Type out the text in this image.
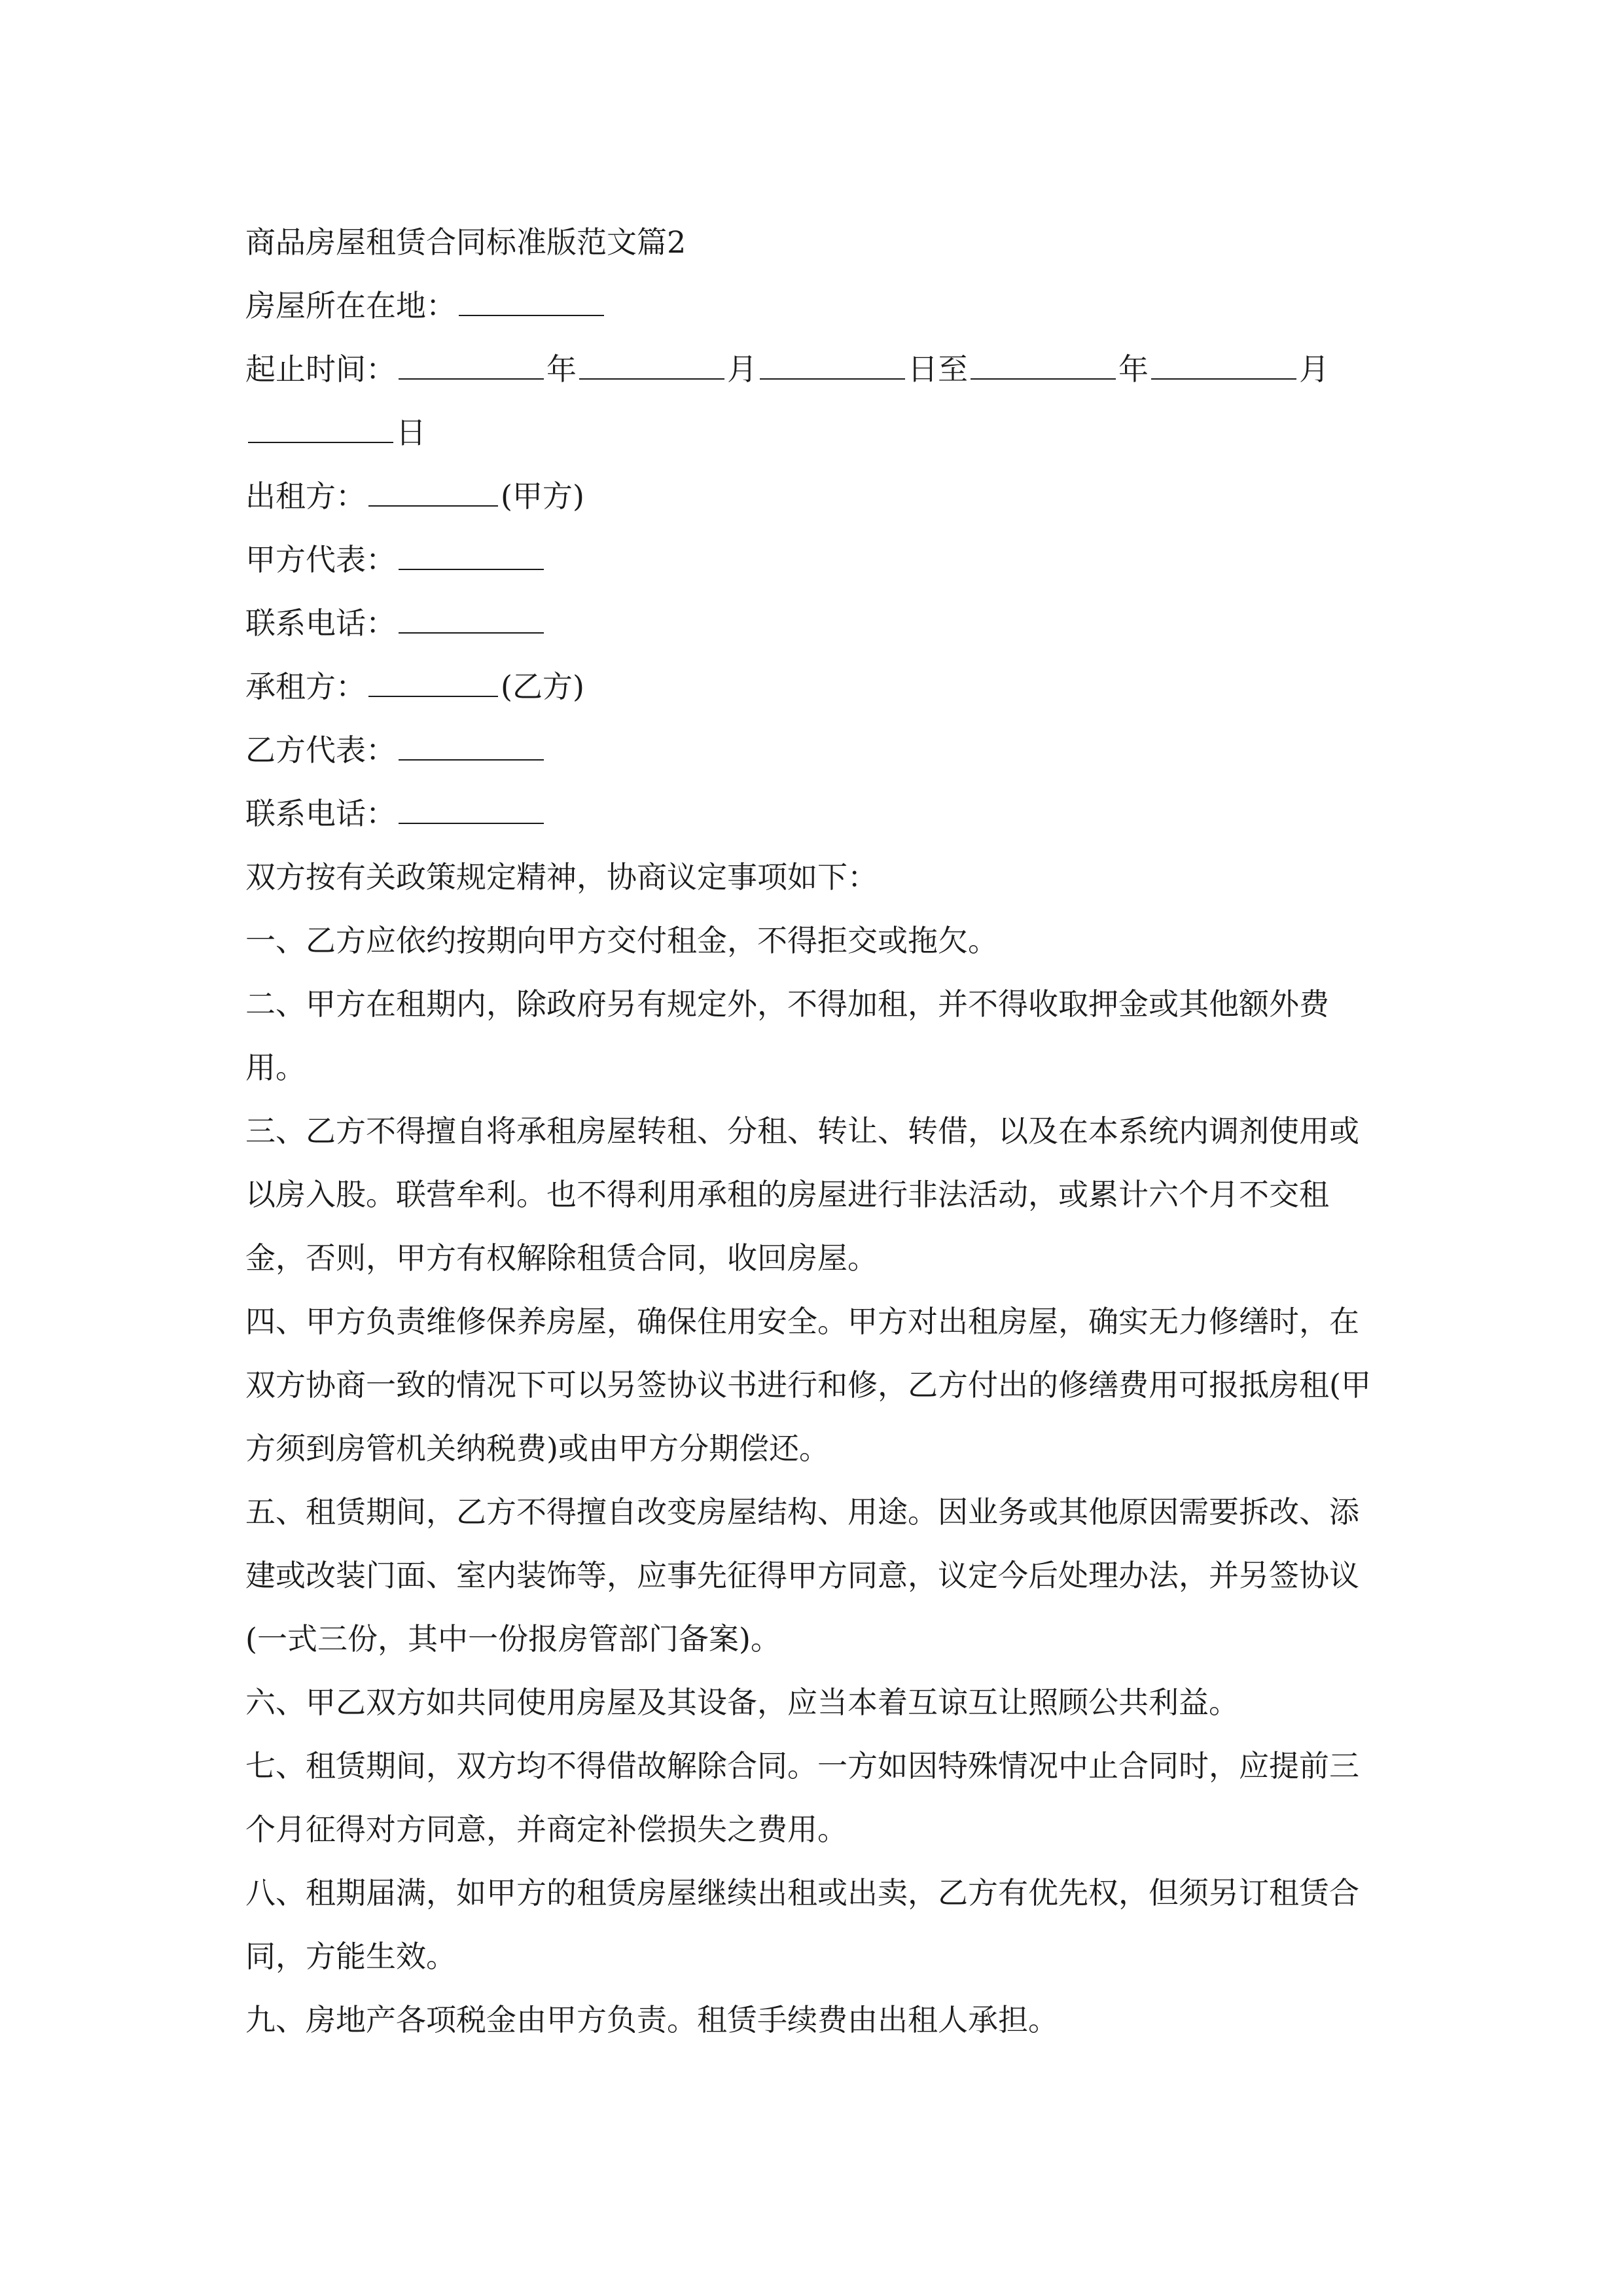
商品房屋租赁合同标准版范文篇2
房屋所在在地：
起止时间：	年	月	日至	年	月
日
出租方：	(甲方)
甲方代表：
联系电话：
承租方：	(乙方)
乙方代表：
联系电话：
双方按有关政策规定精神，协商议定事项如下：
一、乙方应依约按期向甲方交付租金，不得拒交或拖欠。
二、甲方在租期内，除政府另有规定外，不得加租，并不得收取押金或其他额外费用。
三、乙方不得擅自将承租房屋转租、分租、转让、转借，以及在本系统内调剂使用或以房入股。联营牟利。也不得利用承租的房屋进行非法活动，或累计六个月不交租金，否则，甲方有权解除租赁合同，收回房屋。
四、甲方负责维修保养房屋，确保住用安全。甲方对出租房屋，确实无力修缮时，在双方协商一致的情况下可以另签协议书进行和修，乙方付出的修缮费用可报抵房租(甲方须到房管机关纳税费)或由甲方分期偿还。
五、租赁期间，乙方不得擅自改变房屋结构、用途。因业务或其他原因需要拆改、添建或改装门面、室内装饰等，应事先征得甲方同意，议定今后处理办法，并另签协议(一式三份，其中一份报房管部门备案)。
六、甲乙双方如共同使用房屋及其设备，应当本着互谅互让照顾公共利益。
七、租赁期间，双方均不得借故解除合同。一方如因特殊情况中止合同时，应提前三个月征得对方同意，并商定补偿损失之费用。
八、租期届满，如甲方的租赁房屋继续出租或出卖，乙方有优先权，但须另订租赁合同，方能生效。
九、房地产各项税金由甲方负责。租赁手续费由出租人承担。
